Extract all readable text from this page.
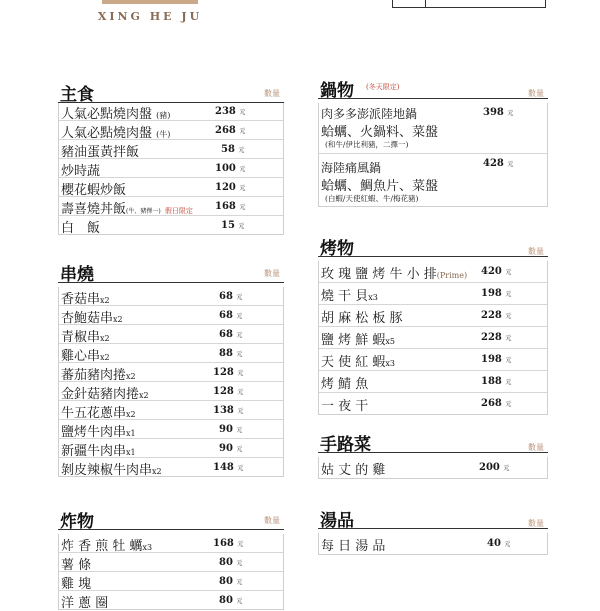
XING HE JU
主食	數量
人氣必點燒肉盤 (豬)	238 元
人氣必點燒肉盤 (牛)	268 元
豬油蛋黃拌飯	58 元
炒時蔬	100 元
櫻花蝦炒飯	120 元
壽喜燒丼飯(牛、豬擇一) 假日限定 168 元
白　飯	15 元
串燒	數量
香菇串x2	68 元
杏鮑菇串x2	68 元
青椒串x2	68 元
雞心串x2	88 元
蕃茄豬肉捲x2	128 元
金針菇豬肉捲x2	128 元
牛五花蔥串x2	138 元
鹽烤牛肉串x1	90 元
新疆牛肉串x1	90 元
剝皮辣椒牛肉串x2	148 元
炸物	數量
炸 香 煎 牡 蠣x3	168 元
薯 條	80 元
雞 塊	80 元
洋 蔥 圈	80 元
鍋物 (冬天限定)
數量
肉多多澎派陸地鍋
蛤蠣、火鍋料、菜盤
(和牛/伊比利豬，二擇一)
398 元
海陸痛風鍋
蛤蠣、鯛魚片、菜盤
(白蝦/天使紅蝦、牛/梅花豬)
428 元
烤物	數量
玫 瑰 鹽 烤 牛 小 排(Prime) 420 元
燒 干 貝x3	198 元
胡 麻 松 板 豚	228 元
鹽 烤 鮮 蝦x5	228 元
天 使 紅 蝦x3	198 元
烤 鯖 魚	188 元
一 夜 干	268 元
手路菜	數量
姑 丈 的 雞	200 元
湯品	數量
每 日 湯 品	40 元
